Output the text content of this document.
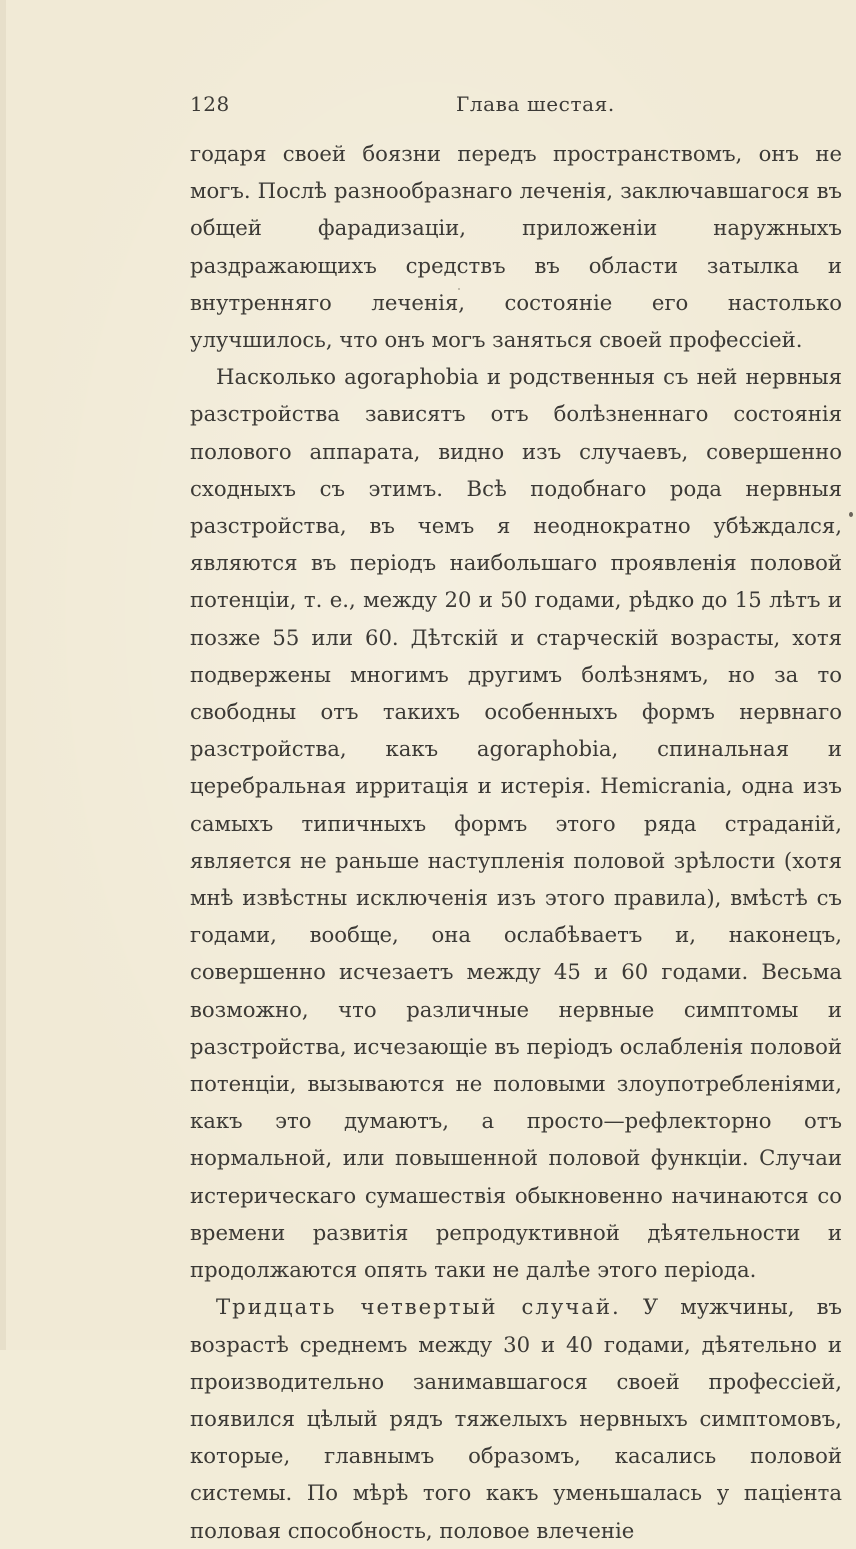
128	Глава шестая.

годаря своей боязни передъ пространствомъ, онъ не могъ. Послѣ разнообразнаго леченія, заключавшагося въ общей фарадизаціи, приложеніи наружныхъ раздражающихъ средствъ въ области затылка и внутренняго леченія, состояніе его настолько улучшилось, что онъ могъ заняться своей профессіей.

Насколько agoraphobia и родственныя съ ней нервныя разстройства зависятъ отъ болѣзненнаго состоянія полового аппарата, видно изъ случаевъ, совершенно сходныхъ съ этимъ. Всѣ подобнаго рода нервныя разстройства, въ чемъ я неоднократно убѣждался, являются въ періодъ наибольшаго проявленія половой потенціи, т. е., между 20 и 50 годами, рѣдко до 15 лѣтъ и позже 55 или 60. Дѣтскій и старческій возрасты, хотя подвержены многимъ другимъ болѣзнямъ, но за то свободны отъ такихъ особенныхъ формъ нервнаго разстройства, какъ agoraphobia, спинальная и церебральная ирритація и истерія. Hemicrania, одна изъ самыхъ типичныхъ формъ этого ряда страданій, является не раньше наступленія половой зрѣлости (хотя мнѣ извѣстны исключенія изъ этого правила), вмѣстѣ съ годами, вообще, она ослабѣваетъ и, наконецъ, совершенно исчезаетъ между 45 и 60 годами. Весьма возможно, что различные нервные симптомы и разстройства, исчезающіе въ періодъ ослабленія половой потенціи, вызываются не половыми злоупотребленіями, какъ это думаютъ, а просто—рефлекторно отъ нормальной, или повышенной половой функціи. Случаи истерическаго сумашествія обыкновенно начинаются со времени развитія репродуктивной дѣятельности и продолжаются опять таки не далѣе этого періода.

Тридцать четвертый случай. У мужчины, въ возрастѣ среднемъ между 30 и 40 годами, дѣятельно и производительно занимавшагося своей профессіей, появился цѣлый рядъ тяжелыхъ нервныхъ симптомовъ, которые, главнымъ образомъ, касались половой системы. По мѣрѣ того какъ уменьшалась у паціента половая способность, половое влеченіе
